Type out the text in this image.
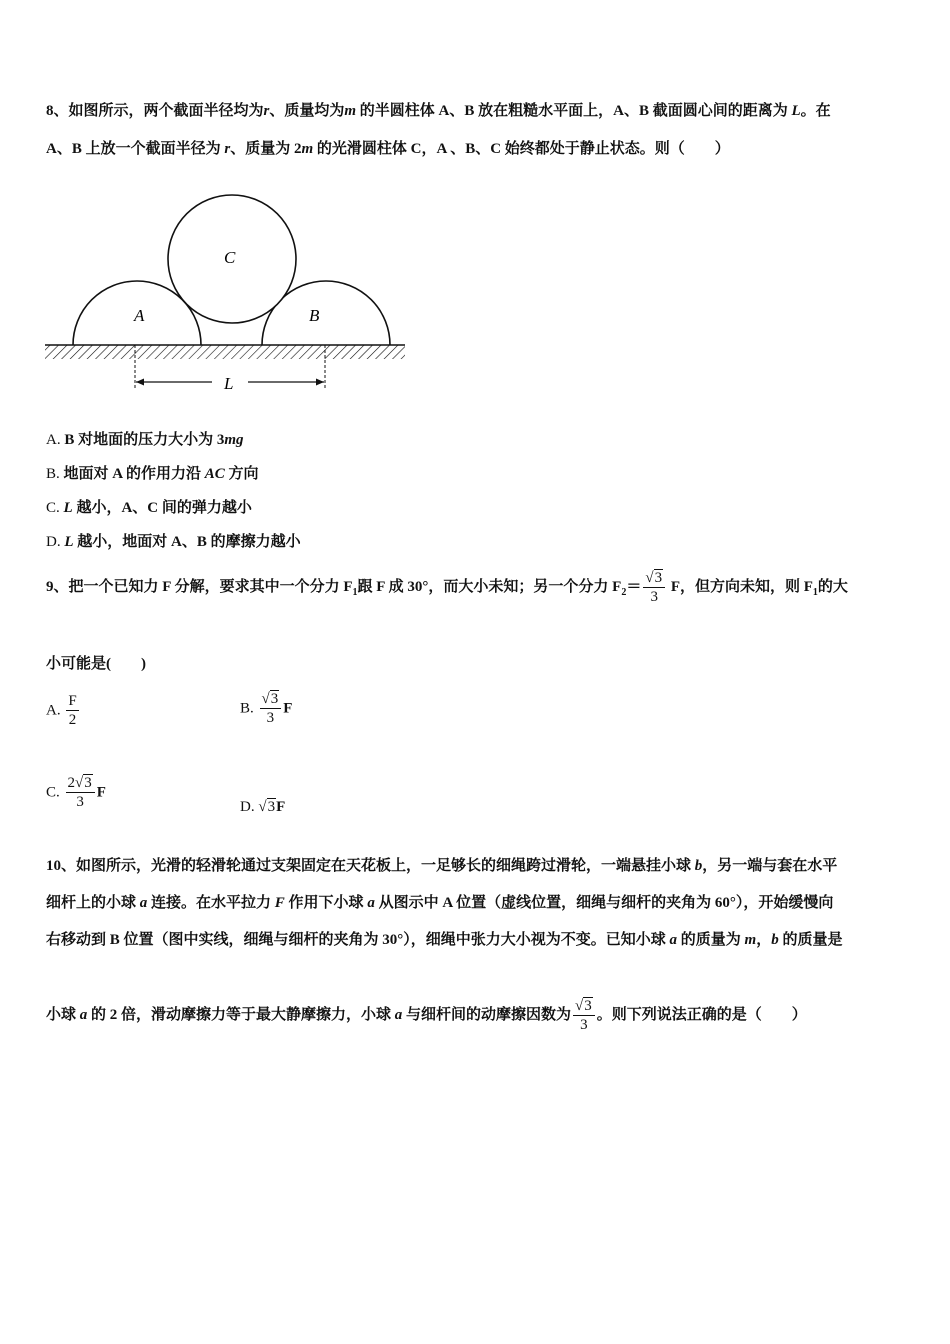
8、如图所示，两个截面半径均为r、质量均为m 的半圆柱体 A、B 放在粗糙水平面上，A、B 截面圆心间的距离为 L。在
A、B 上放一个截面半径为 r、质量为 2m 的光滑圆柱体 C，A 、B、C 始终都处于静止状态。则（　　）
C
A	B
L
A. B 对地面的压力大小为 3mg
B. 地面对 A 的作用力沿 AC 方向
C. L 越小，A、C 间的弹力越小
D. L 越小，地面对 A、B 的摩擦力越小
9、把一个已知力 F 分解，要求其中一个分力 $F_1$跟 F 成 30°，而大小未知；另一个分力 $F_2= \frac{√3}{3}$ F，但方向未知，则 $F_1$的大
小可能是(　　)
A. $\frac{F}{2}$	B. $\frac{√3}{3}$ F
C. $\frac{2√3}{3}$ F
D. √3F
10、如图所示，光滑的轻滑轮通过支架固定在天花板上，一足够长的细绳跨过滑轮，一端悬挂小球 b，另一端与套在水平
细杆上的小球 a 连接。在水平拉力 F 作用下小球 a 从图示中 A 位置（虚线位置，细绳与细杆的夹角为 60°），开始缓慢向
右移动到 B 位置（图中实线，细绳与细杆的夹角为 30°），细绳中张力大小视为不变。已知小球 a 的质量为 m，b 的质量是
小球 a 的 2 倍，滑动摩擦力等于最大静摩擦力，小球 a 与细杆间的动摩擦因数为 $\frac{√3}{3}$ 。则下列说法正确的是（　　）
